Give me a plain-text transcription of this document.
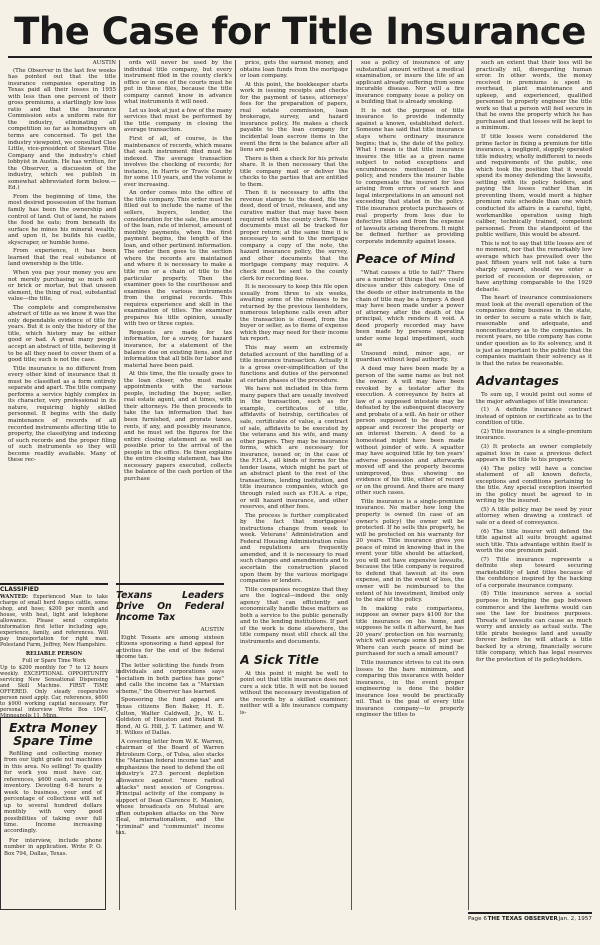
The Case for Title Insurance
AUSTIN

(The Observer in the last few weeks has pointed out that the title insurance companies operating in Texas paid all their losses in 1955 with less than one percent of their gross premiums, a startlingly low loss ratio and that the Insurance Commission sets a uniform rate for the industry, eliminating all competition so far as homebuyers on terms are concerned. To get the industry viewpoint, we consulted Cleo Little, vice-president of Stewart Title Company and the industry's chief lobbyist in Austin. He has written, for the Observer, a discussion of the industry, which we publish in somewhat abbreviated form below.—Ed.)

From the beginning of time, the most desired possession of the human family has been the ownership and control of land. Out of land, he raises the food he eats; from beneath its surface he mines his mineral wealth; and upon it, he builds his castle, skyscraper, or humble home.

From experience, it has been learned that the real substance of land ownership is the title.

When you pay your money you are not merely purchasing so much soil or brick or mortar, but that unseen element, the thing of real, substantial value—the title.

The complete and comprehensive abstract of title as we know it was the only dependable evidence of title for years. But it is only the history of the title, which history may be either good or bad. A great many people accept an abstract of title, believing it to be all they need to cover them of a good title; such is not the case.

Title insurance is no different from every other kind of insurance that it must be classified as a form entirely separate and apart. The title company performs a service highly complex in its character, very professional in its nature, requiring highly skilled personnel. It begins with the daily maintenance of records of all recorded instruments affecting title to property, the classifying and indexing of such records and the proper filing of such instruments so they will become readily available. Many of these rec-

ords will never be used by the individual title company, but every instrument filed in the county clerk's office or in one of the courts must be put in these files, because the title company cannot know in advance what instruments it will need.

Let us look at just a few of the many services that must be performed by the title company in closing the average transaction.

First of all, of course, is the maintenance of records, which means that each instrument filed must be indexed. The average transaction involves the checking of records; for instance, in Harris or Travis County for some 110 years, and the volume is ever increasing.

An order comes into the office of the title company. This order must be filled out to include the name of the sellers, buyers, lender, the consideration for the sale, the amount of the loan, rate of interest, amount of monthly payments, when the first payment begins, the length of the loan, and other pertinent information. The order then goes to the section where the records are maintained and where it is necessary to make a title run or a chain of title to the particular property. Then the examiner goes to the courthouse and examines the various instruments from the original records. This requires experience and skill in the examination of titles. The examiner prepares his title opinion, usually with two or three copies.

Requests are made for tax information, for a survey, for hazard insurance, for a statement of the balance due on existing liens, and for information that all bills for labor and material have been paid.

At this time, the file usually goes to the loan closer, who must make appointments with the various people, including the buyer, seller, real estate agent, and at times, with their attorneys. He then proceeds to take the tax information that has been furnished, and prorate taxes, rents, if any, and possibly insurance, and he must set the figures for the entire closing statement as well as possible prior to the arrival of the people in the office. He then explains the entire closing statement, has the necessary papers executed, collects the balance of the cash portion of the purchase

price, gets the earnest money, and obtains loan funds from the mortgage or loan company.

At this point, the bookkeeper starts work in issuing receipts and checks for the payment of taxes, attorneys' fees for the preparation of papers, real estate commission, loan brokerage, survey, and hazard insurance policy. He makes a check payable to the loan company for incidental loan escrow items in the event the firm is the balance after all liens are paid.

There is then a check for his private share. It is then necessary that the title company mail or deliver the checks to the parties that are entitled to them.

Then it is necessary to affix the revenue stamps to the deed, file the deed, deed of trust, releases, and any curative matter that may have been required with the county clerk. These documents must all be tracked for proper return; at the same time it is necessary to send to the mortgage company a copy of the note, the hazard insurance policy, the survey, and other documents that the mortgage company may require. A check must be sent to the county clerk for recording fees.

It is necessary to keep this file open usually from three to six weeks, awaiting some of the releases to be returned by the previous lienholders, numerous telephone calls even after the transaction is closed, from the buyer or seller, as to items of expense which they may need for their income tax report.

This may seem an extremely detailed account of the handling of a title insurance transaction. Actually it is a gross over-simplification of the functions and duties of the personnel at certain phases of the procedure.

We have not included in this form many papers that are usually involved in the transaction, such as for example, certificates of title, affidavits of heirship, certificates of sale, certificates of value, a contract of sale, affidavits to be executed by the veterans and his wife, and many other papers. They may be insurance forms, which are necessary for insurance, issued or, in the case of the F.H.A., all kinds of forms for the lender loans, which might be part of an abstract plant to the rest of the transactions, lending institution, and title insurance companies, which go through ruled such as F.H.A. a ripe, or will hazard insurance, and other reserves, and other fees.

The process is further complicated by the fact that mortgagees' instructions change from week to week. Veterans' Administration and Federal Housing Administration rules and regulations are frequently amended, and it is necessary to read such changes and amendments and to ascertain the construction placed upon them by the various mortgage companies or lenders.

Title companies recognize that they are the logical—indeed the only agency that can efficiently and economically handle these matters as both a service to the public generally and to the lending institutions. If part of the work is done elsewhere, the title company must still check all the instruments and documents.

A Sick Title

At this point it might be well to point out that title insurance does not cure a sick title. It will not be issued without the necessary investigation of the records by a skilled examiner; neither will a life insurance company is-

sue a policy of insurance of any substantial amount without a medical examination, or insure the life of an applicant already suffering from some incurable disease. Nor will a fire insurance company issue a policy on a building that is already smoking.

It is not the purpose of title insurance to provide indemnity against a known, established defect. Someone has said that title insurance stays where ordinary insurance begins; that is, the date of the policy. What I mean is that title insurance insures the title as a given name subject to noted exceptions and encumbrances mentioned in the policy, and renders the insurer liable to compensate the insured for loss arising from errors of search and legal interpretations in an amount not exceeding that stated in the policy. Title insurance protects purchasers of real property from loss due to defective titles and from the expense of lawsuits arising therefrom. It might be defined further as providing corporate indemnity against losses.

Peace of Mind

"What causes a title to fail?" There are a number of things that we could discuss under this category. One of the deeds or other instruments in the chain of title may be a forgery. A deed may have been made under a power of attorney after the death of the principal, which renders it void. A deed properly recorded may have been made by persons operating under some legal impediment, such as

Unsound mind, minor age, or guardian without legal authority.

A deed may have been made by a person of the same name as but not the owner. A will may have been revoked by a testator after its execution. A conveyance by heirs at law of a supposed intestate may be defeated by the subsequent discovery and probate of a will. An heir or other person supposed to be dead may appear and recover the property or an interest therein. A deed to a homestead might have been made without joinder of wife. A squatter may have acquired title by ten years' adverse possession and afterwards moved off and the property become unimproved, thus showing no evidence of his title, either of record or on the ground. And there are many other such cases.

Title insurance is a single-premium insurance. No matter how long the property is owned (in case of an owner's policy) the owner will be protected. If he sells this property, he will be protected on his warranty for 20 years. Title insurance gives you peace of mind in knowing that in the event your title should be attacked, you will not have expensive lawsuits, because the title company is required to defend that lawsuit at its own expense, and in the event of loss, the owner will be reimbursed to the extent of his investment, limited only to the size of the policy.

In making rate comparisons, suppose an owner pays $100 for the title insurance on his home, and supposes he sells it afterward, he has 20 years' protection on his warranty, which will average some $5 per year. Where can such peace of mind be purchased for such a small amount?

Title insurance strives to cut its own losses to the bare minimum, and comparing this insurance with holder insurance, in the event proper engineering is done the holder insurance loss would be practically nil. That is the goal of every title insurance company—to properly engineer the titles to

such an extent that their loss will be practically nil, disregarding human error. In other words, the money received in premiums is spent in overhead, plant maintenance and upkeep, and experienced, qualified personnel to properly engineer the title work so that a person will feel secure in that he owns the property which he has purchased and that losses will be kept to a minimum.

If title losses were considered the prime factor in fixing a premium for title insurance, a negligent, sloppily operated title industry, wholly indifferent to needs and requirements of the public, one which took the position that it would spend its money defending the lawsuits, settling with its policy holders, and paying the losses rather than in preventing them, would merit a higher premium rate schedule than one which conducted its affairs in a careful, tight, workmanlike operation using high caliber, technically trained, competent personnel. From the standpoint of the public welfare, this would be absurd.

This is not to say that title losses are of no moment, nor that the remarkably low average which has prevailed over the past fifteen years will not take a turn sharply upward, should we enter a period of recession or depression, or have anything comparable to the 1929 debacle.

The heart of insurance commissioners must look at the overall operation of the companies doing business in the state, in order to secure a rate which is fair, reasonable and adequate, and nonconfiscatory as to the companies. In recent years, no title company has come under question as to its solvency, and it is just as important to the public that the companies maintain their solvency as it is that the rates be reasonable.

Advantages

To sum up, I would point out some of the major advantages of title insurance:

(1) A definite insurance contract instead of opinion or certificate as to the condition of title.

(2) Title insurance is a single-premium insurance.

(3) It protects an owner completely against loss in case a previous defect appears in the title to his property.

(4) The policy will have a concise statement of all known defects, exceptions and conditions pertaining to the title. Any special exception inserted in the policy must be agreed to in writing by the insured.

(5) A title policy may be used by your attorney when drawing a contract of sale or a deed of conveyance.

(6) The title insurer will defend the title against all suits brought against such title. This advantage within itself is worth the one premium paid.

(7) Title insurance represents a definite step toward securing marketability of land titles because of the confidence inspired by the backing of a corporate insurance company.

(8) Title insurance serves a social purpose in bridging the gap between commerce and the lawfirms would can see the law for business purposes. Threats of lawsuits can cause as much worry and anxiety as actual suits. The title pirate besieges land and usually forever before he will attack a title backed by a strong, financially secure title company, which has legal reserves for the protection of its policyholders.

CLASSIFIED

WANTED: Experienced Man to take charge of small herd Angus cattle, some shop, and hose; $200 per month and house, with heat, light and telephone allowance. Please send complete information first letter including age, experience, family, and references. Will pay transportation for right man. Polestand Farm, Jeffrey, New Hampshire.

RELIABLE PERSON
Full or Spare Time Work

Up to $200 monthly for 7 to 12 hours weekly. EXCEPTIONAL OPPORTUNITY servicing New Sensational Dispensing and Skill Machine. FIRST TIME OFFERED. Only steady cooperative person need apply. Car, references, $600 to $900 working capital necessary. For personal interview Write Box 1047, Minneapolis 11, Minn.

Extra Money Spare Time

Refilling and collecting money from our tight grade nut machines in this area. No selling! To qualify for work you must have car, references, $600 cash, secured by inventory. Devoting 6-8 hours a week to business, your end of percentage of collections will net up to several hundred dollars monthly with very good possibilities of taking over full time. Income increasing accordingly.

For interview, include phone number in application. Write P. O. Box 794, Dallas, Texas.

Texans Leaders Drive On Federal Income Tax
AUSTIN

Eight Texans are among sixteen citizens sponsoring a fund appeal for activities for the end of the federal income tax.

The letter soliciting the funds from individuals and corporations says "socialism in both parties has gone" and calls the income tax a "Marxian scheme," the Observer has learned.

Sponsoring the fund appeal are Texas citizens Ben Baker, H. E. Culton, Walter Caldwell, Jr., W. L. Goldston of Houston and Roland B. Bond, Al G. Hill, J. T. Latimer, and W. H. Wilkes of Dallas.

A covering letter from W. K. Warren, chairman of the Board of Warren Petroleum Corp., of Tulsa, also stacks the "Marxian federal income tax" and emphasizes the need to defend the oil industry's 27.5 percent depletion allowance against "more radical attacks" next session of Congress. Principal activity of the company is support of Dean Clarence E. Manion, whose broadcasts on Mutual are often outspoken attacks on the New Deal, internationalism, and the "criminal" and "communist" income tax.

Page 6 THE TEXAS OBSERVER Jan. 2, 1957
